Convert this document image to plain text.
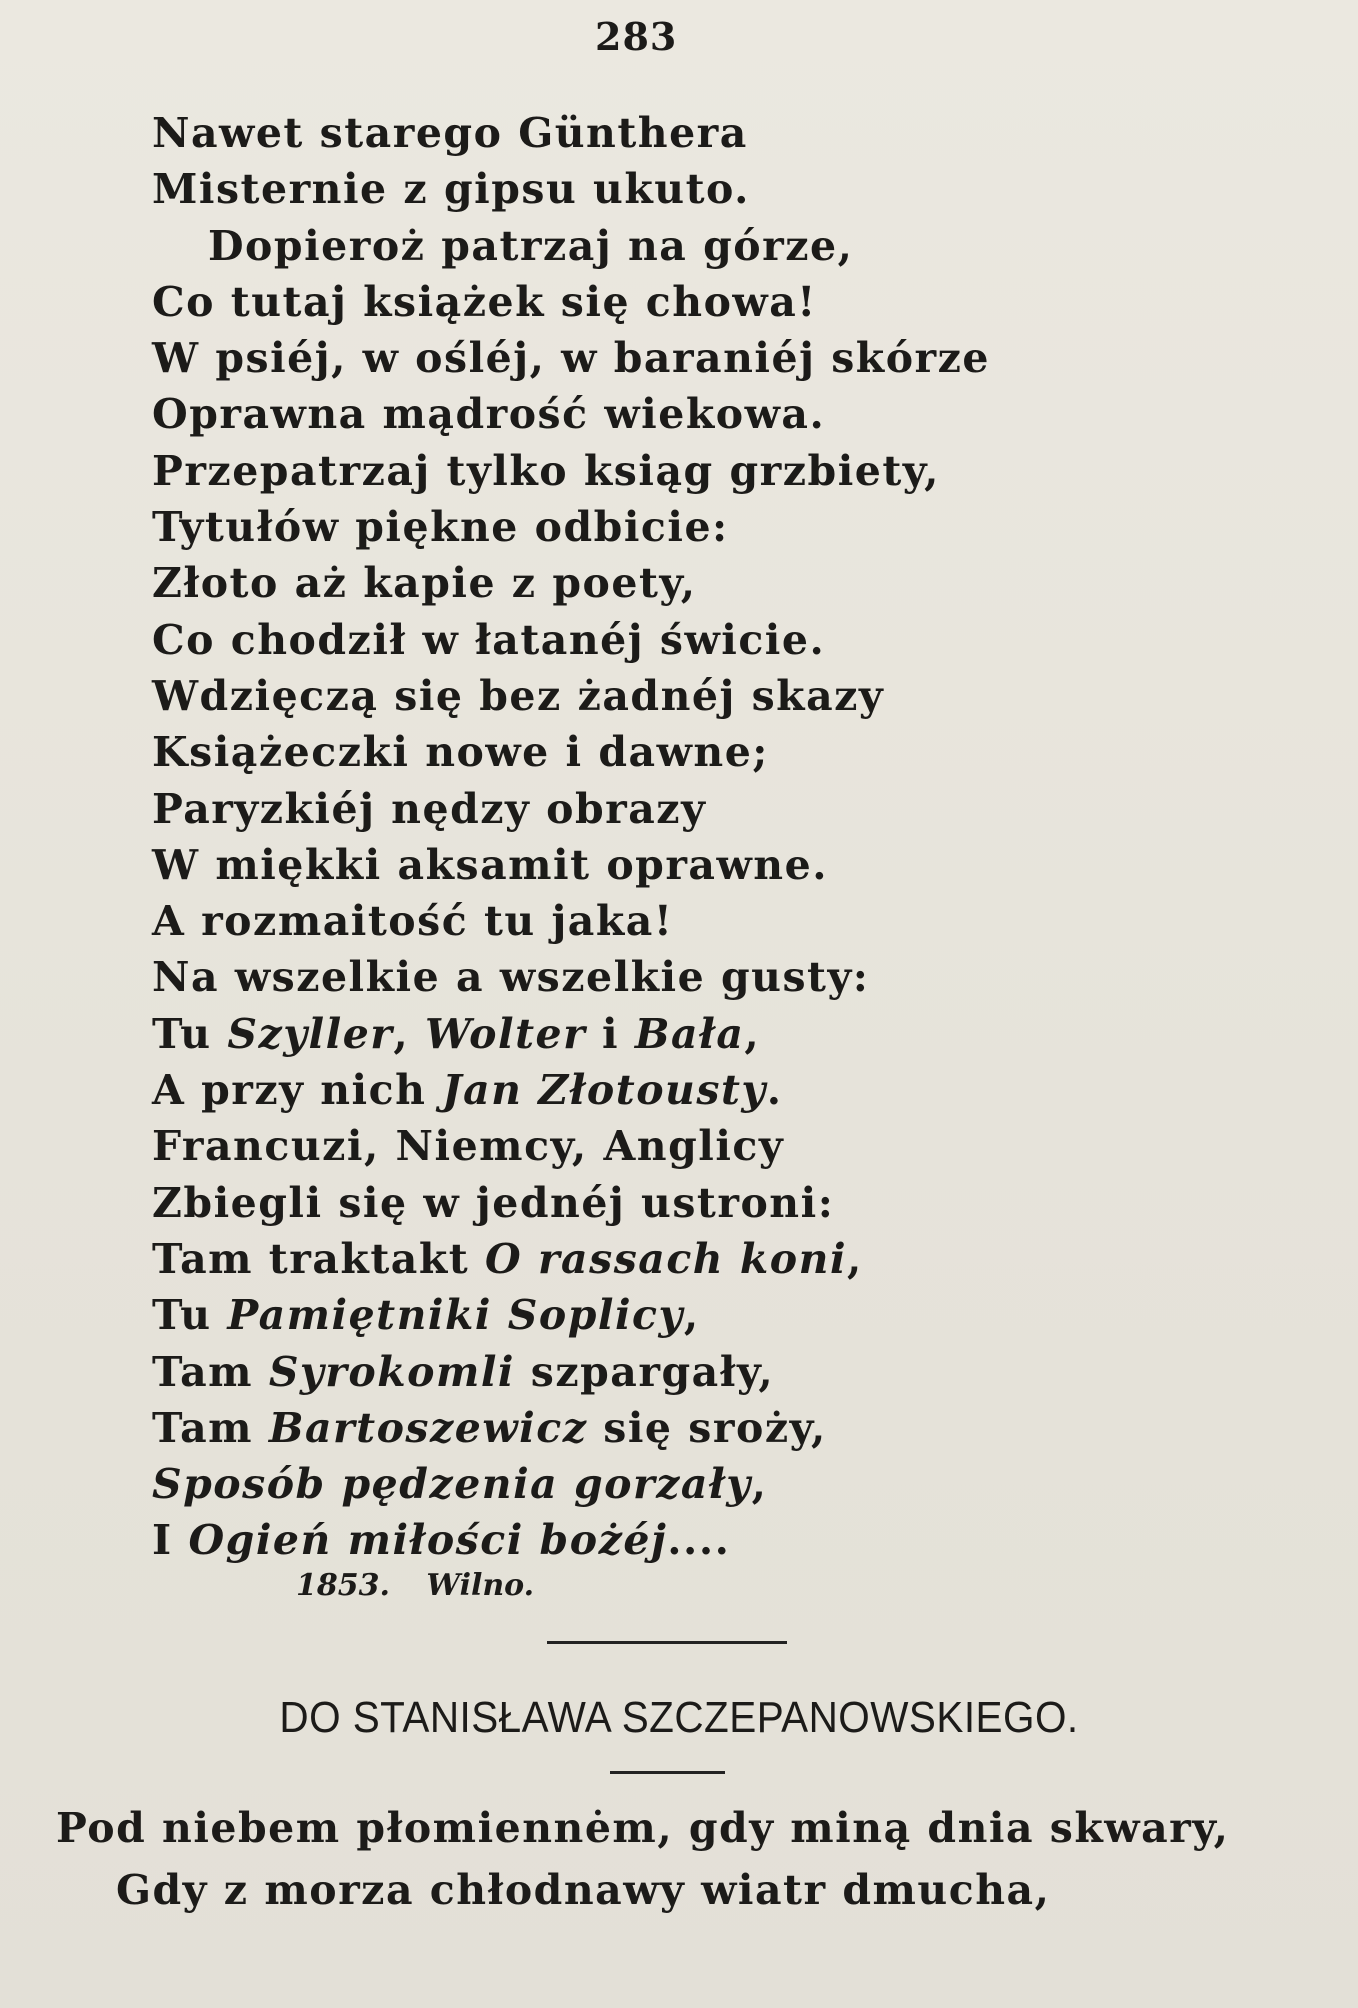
283
Nawet starego Günthera
Misternie z gipsu ukuto.
Dopieroż patrzaj na górze,
Co tutaj książek się chowa!
W psiéj, w ośléj, w baraniéj skórze
Oprawna mądrość wiekowa.
Przepatrzaj tylko ksiąg grzbiety,
Tytułów piękne odbicie:
Złoto aż kapie z poety,
Co chodził w łatanéj świcie.
Wdzięczą się bez żadnéj skazy
Książeczki nowe i dawne;
Paryzkiéj nędzy obrazy
W miękki aksamit oprawne.
A rozmaitość tu jaka!
Na wszelkie a wszelkie gusty:
Tu Szyller, Wolter i Bała,
A przy nich Jan Złotousty.
Francuzi, Niemcy, Anglicy
Zbiegli się w jednéj ustroni:
Tam traktakt O rassach koni,
Tu Pamiętniki Soplicy,
Tam Syrokomli szpargały,
Tam Bartoszewicz się sroży,
Sposób pędzenia gorzały,
I Ogień miłości bożéj....
1853. Wilno.
DO STANISŁAWA SZCZEPANOWSKIEGO.
Pod niebem płomiennėm, gdy miną dnia skwary,
Gdy z morza chłodnawy wiatr dmucha,
